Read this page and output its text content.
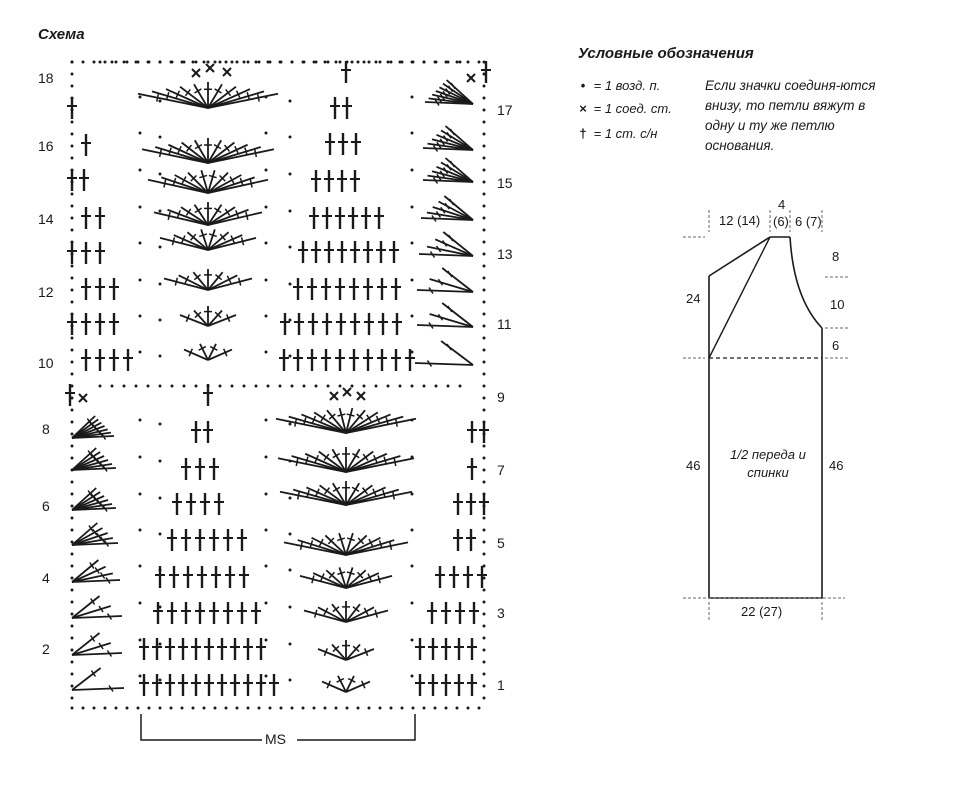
Схема
18
16
14
12
10
8
6
4
2
17
15
13
11
9
7
5
3
1
MS
Условные обозначения
• = 1 возд. п.
× = 1 соед. ст.
† = 1 ст. с/н
Если значки соединя-ются внизу, то петли вяжут в одну и ту же петлю основания.
12 (14)
4
(6) 6 (7)
24
46
8
10
6
46
1/2 переда и спинки
22 (27)
